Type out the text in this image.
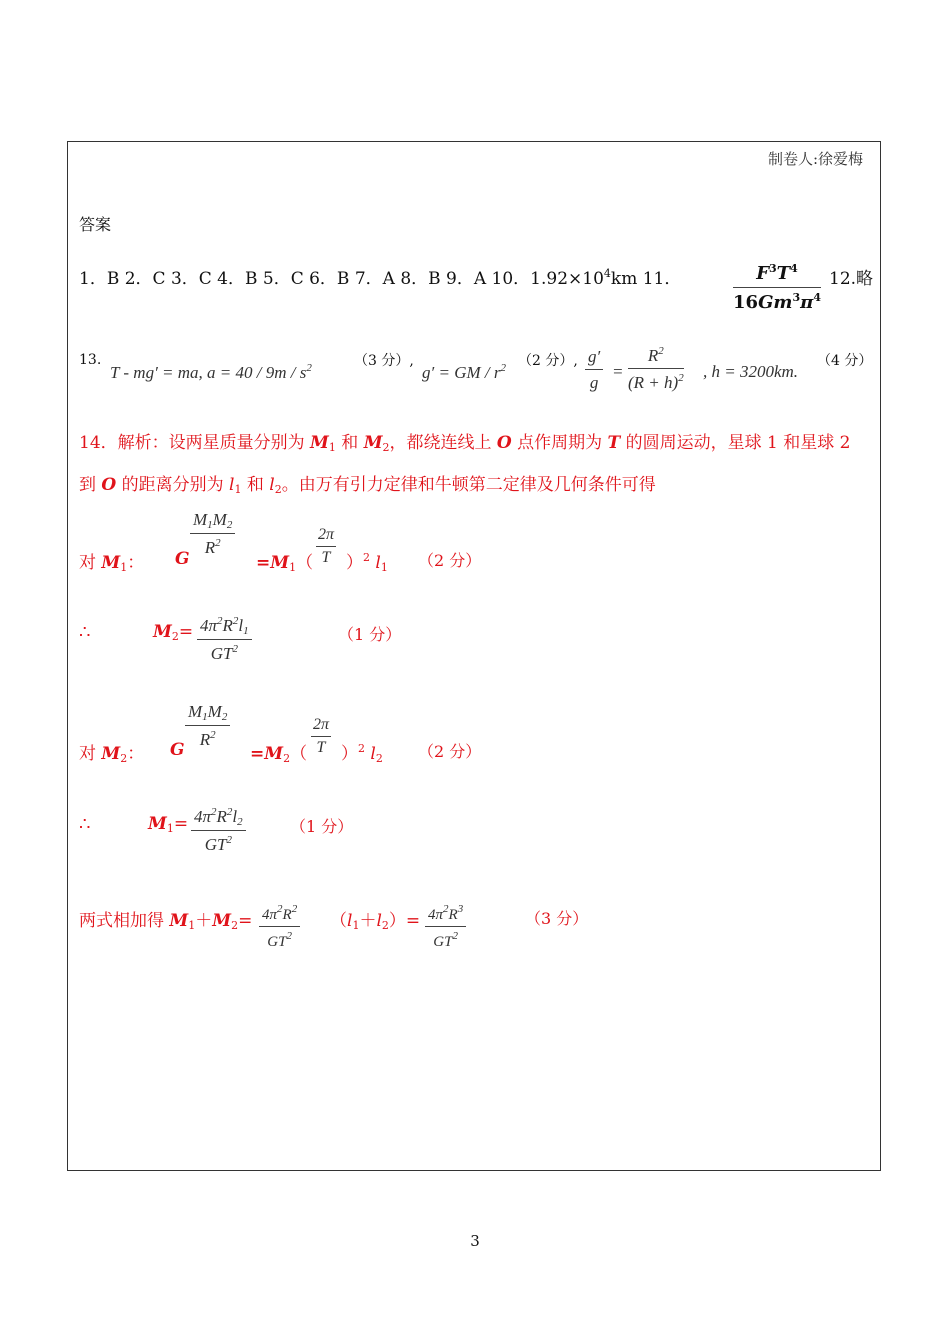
制卷人:徐爱梅
答案
1．B 2．C 3．C 4．B 5．C 6．B 7．A 8．B 9．A 10．$1.92\times 10^4km$ 11．	$\frac{F^3T^4}{16Gm^3\pi^4} 12$.略
13.
T - mg′ = ma, $a = 40 / 9m / s^2$	（3 分）,
g′ = GM / $r^2$ （2 分）, g′
g
=
$R^2$
$(R + h)^2$ , h = 3200km.
（4 分）
14．解析：设两星质量分别为 $M_1$ 和 $M_2$，都绕连线上 O 点作周期为 T 的圆周运动，星球 1 和星球 2
到 O 的距离分别为 $l_1$ 和 $l_2$。由万有引力定律和牛顿第二定律及几何条件可得
对 $M_1$： G
$M_1M_2$
$R^2$
$=M_1$（
2π
T ）$^2$ $l_1$ （2 分）
∴	$M_2= 4\pi^2R^2l_1$
$GT^2$
（1 分）
对 $M_2$： G
$M_1M_2$
$R^2$
$=M_2$（
2π
T ）$^2$ $l_2$ （2 分）
∴	$M_1= 4\pi^2R^2l_2$
$GT^2$
（1 分）
两式相加得 $M_1+M_2= 4\pi^2R^2$
$GT^2$
$(l_1+l_2)= 4\pi^2R^3$
$GT^2$
（3 分）
3
